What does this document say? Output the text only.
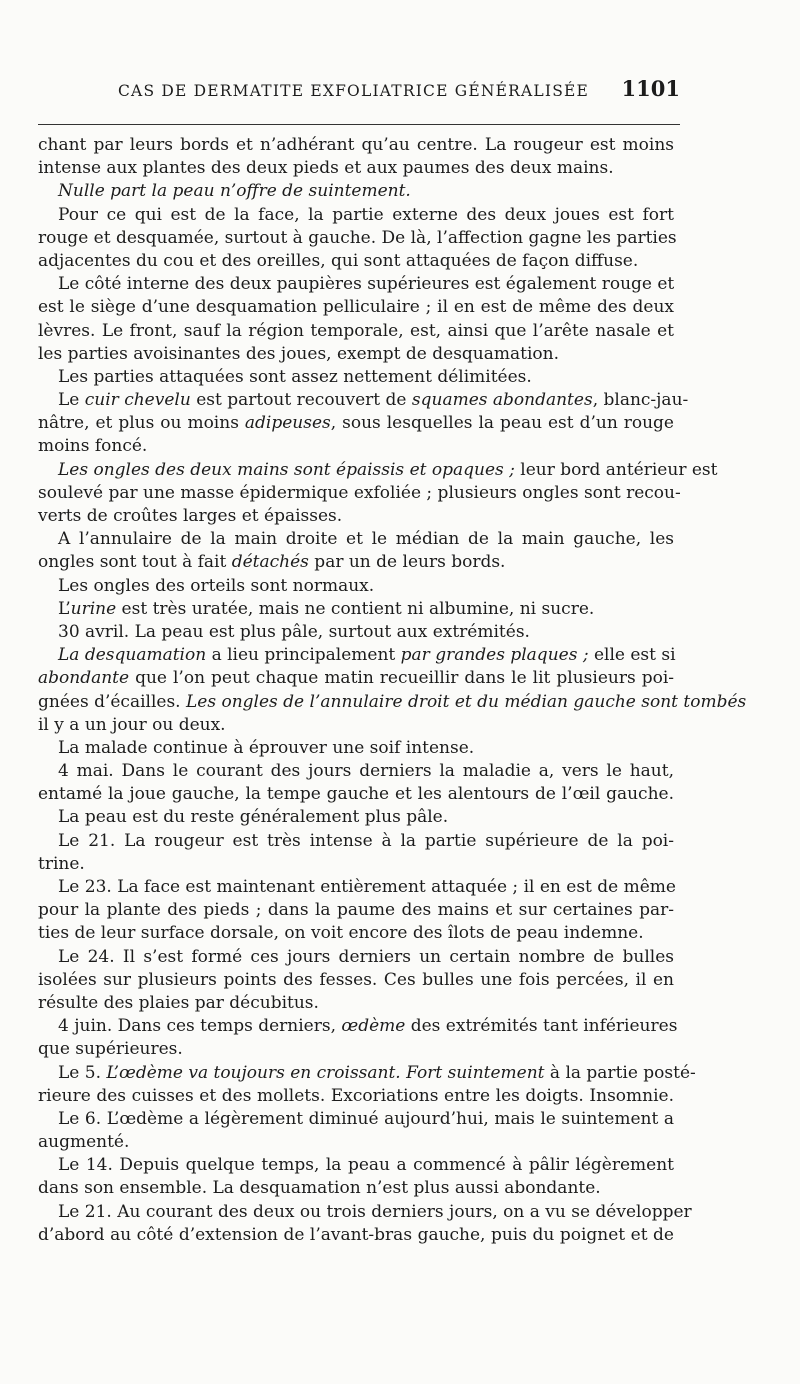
CAS DE DERMATITE EXFOLIATRICE GÉNÉRALISÉE 1101
chant par leurs bords et n’adhérant qu’au centre. La rougeur est moins
intense aux plantes des deux pieds et aux paumes des deux mains.
Nulle part la peau n’offre de suintement.
Pour ce qui est de la face, la partie externe des deux joues est fort
rouge et desquamée, surtout à gauche. De là, l’affection gagne les parties
adjacentes du cou et des oreilles, qui sont attaquées de façon diffuse.
Le côté interne des deux paupières supérieures est également rouge et
est le siège d’une desquamation pelliculaire ; il en est de même des deux
lèvres. Le front, sauf la région temporale, est, ainsi que l’arête nasale et
les parties avoisinantes des joues, exempt de desquamation.
Les parties attaquées sont assez nettement délimitées.
Le cuir chevelu est partout recouvert de squames abondantes, blanc-jau-
nâtre, et plus ou moins adipeuses, sous lesquelles la peau est d’un rouge
moins foncé.
Les ongles des deux mains sont épaissis et opaques ; leur bord antérieur est
soulevé par une masse épidermique exfoliée ; plusieurs ongles sont recou-
verts de croûtes larges et épaisses.
A l’annulaire de la main droite et le médian de la main gauche, les
ongles sont tout à fait détachés par un de leurs bords.
Les ongles des orteils sont normaux.
L’urine est très uratée, mais ne contient ni albumine, ni sucre.
30 avril. La peau est plus pâle, surtout aux extrémités.
La desquamation a lieu principalement par grandes plaques ; elle est si
abondante que l’on peut chaque matin recueillir dans le lit plusieurs poi-
gnées d’écailles. Les ongles de l’annulaire droit et du médian gauche sont tombés
il y a un jour ou deux.
La malade continue à éprouver une soif intense.
4 mai. Dans le courant des jours derniers la maladie a, vers le haut,
entamé la joue gauche, la tempe gauche et les alentours de l’œil gauche.
La peau est du reste généralement plus pâle.
Le 21. La rougeur est très intense à la partie supérieure de la poi-
trine.
Le 23. La face est maintenant entièrement attaquée ; il en est de même
pour la plante des pieds ; dans la paume des mains et sur certaines par-
ties de leur surface dorsale, on voit encore des îlots de peau indemne.
Le 24. Il s’est formé ces jours derniers un certain nombre de bulles
isolées sur plusieurs points des fesses. Ces bulles une fois percées, il en
résulte des plaies par décubitus.
4 juin. Dans ces temps derniers, œdème des extrémités tant inférieures
que supérieures.
Le 5. L’œdème va toujours en croissant. Fort suintement à la partie posté-
rieure des cuisses et des mollets. Excoriations entre les doigts. Insomnie.
Le 6. L’œdème a légèrement diminué aujourd’hui, mais le suintement a
augmenté.
Le 14. Depuis quelque temps, la peau a commencé à pâlir légèrement
dans son ensemble. La desquamation n’est plus aussi abondante.
Le 21. Au courant des deux ou trois derniers jours, on a vu se développer
d’abord au côté d’extension de l’avant-bras gauche, puis du poignet et de
